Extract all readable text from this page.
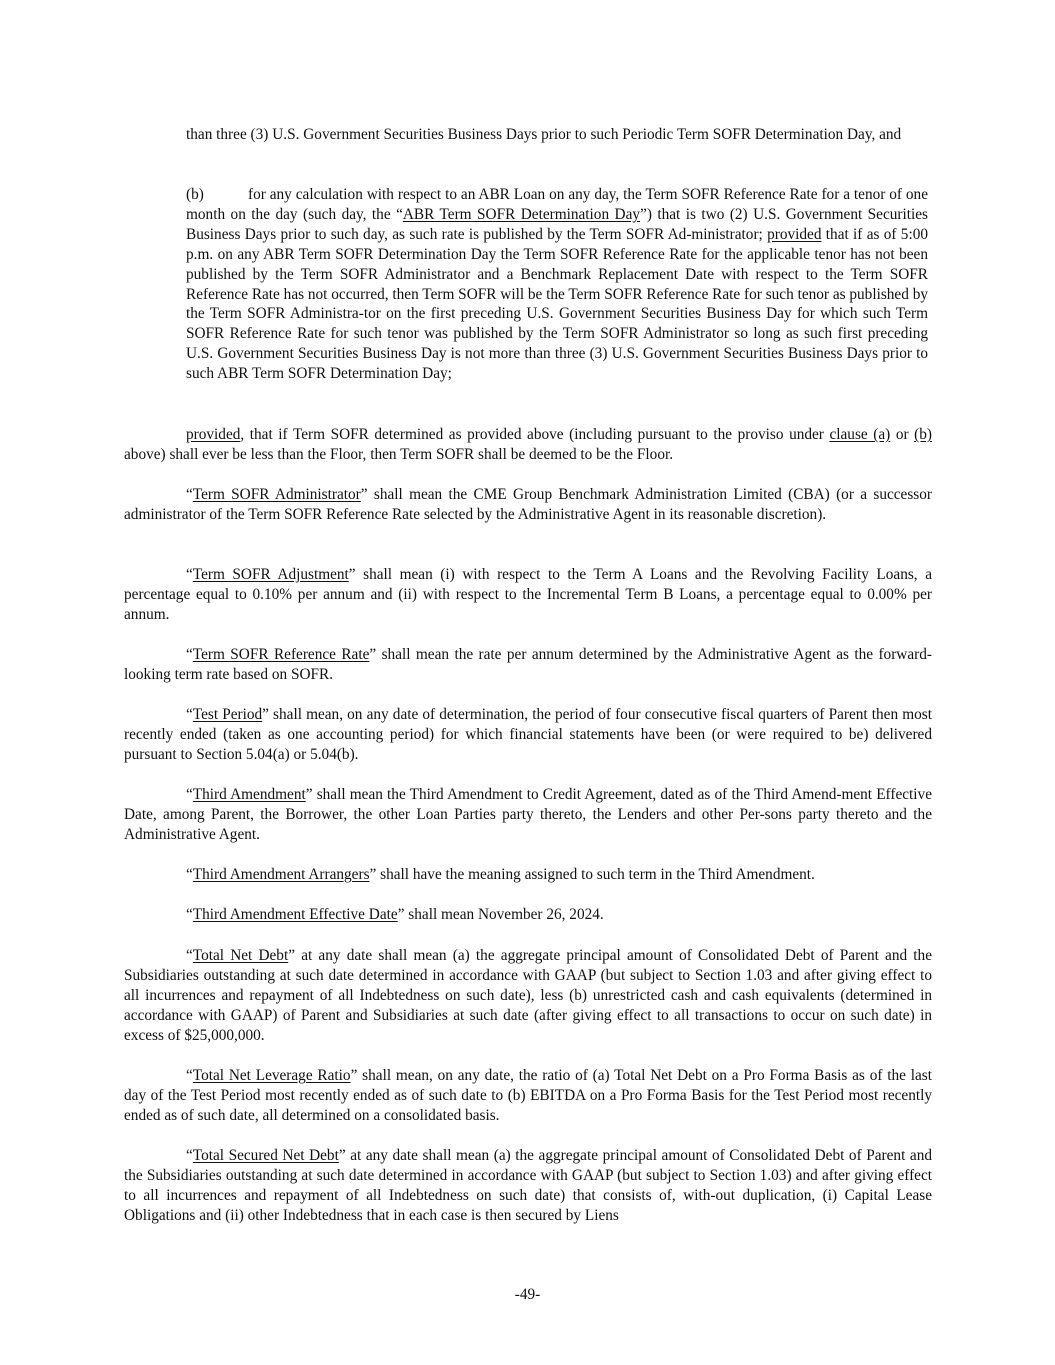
than three (3) U.S. Government Securities Business Days prior to such Periodic Term SOFR Determination Day, and

(b)	for any calculation with respect to an ABR Loan on any day, the Term SOFR Reference Rate for a tenor of one month on the day (such day, the “ABR Term SOFR Determination Day”) that is two (2) U.S. Government Securities Business Days prior to such day, as such rate is published by the Term SOFR Ad-ministrator; provided that if as of 5:00 p.m. on any ABR Term SOFR Determination Day the Term SOFR Reference Rate for the applicable tenor has not been published by the Term SOFR Administrator and a Benchmark Replacement Date with respect to the Term SOFR Reference Rate has not occurred, then Term SOFR will be the Term SOFR Reference Rate for such tenor as published by the Term SOFR Administra-tor on the first preceding U.S. Government Securities Business Day for which such Term SOFR Reference Rate for such tenor was published by the Term SOFR Administrator so long as such first preceding U.S. Government Securities Business Day is not more than three (3) U.S. Government Securities Business Days prior to such ABR Term SOFR Determination Day;

provided, that if Term SOFR determined as provided above (including pursuant to the proviso under clause (a) or (b) above) shall ever be less than the Floor, then Term SOFR shall be deemed to be the Floor.

“Term SOFR Administrator” shall mean the CME Group Benchmark Administration Limited (CBA) (or a successor administrator of the Term SOFR Reference Rate selected by the Administrative Agent in its reasonable discretion).

“Term SOFR Adjustment” shall mean (i) with respect to the Term A Loans and the Revolving Facility Loans, a percentage equal to 0.10% per annum and (ii) with respect to the Incremental Term B Loans, a percentage equal to 0.00% per annum.

“Term SOFR Reference Rate” shall mean the rate per annum determined by the Administrative Agent as the forward-looking term rate based on SOFR.

“Test Period” shall mean, on any date of determination, the period of four consecutive fiscal quarters of Parent then most recently ended (taken as one accounting period) for which financial statements have been (or were required to be) delivered pursuant to Section 5.04(a) or 5.04(b).

“Third Amendment” shall mean the Third Amendment to Credit Agreement, dated as of the Third Amend-ment Effective Date, among Parent, the Borrower, the other Loan Parties party thereto, the Lenders and other Per-sons party thereto and the Administrative Agent.

“Third Amendment Arrangers” shall have the meaning assigned to such term in the Third Amendment.

“Third Amendment Effective Date” shall mean November 26, 2024.

“Total Net Debt” at any date shall mean (a) the aggregate principal amount of Consolidated Debt of Parent and the Subsidiaries outstanding at such date determined in accordance with GAAP (but subject to Section 1.03 and after giving effect to all incurrences and repayment of all Indebtedness on such date), less (b) unrestricted cash and cash equivalents (determined in accordance with GAAP) of Parent and Subsidiaries at such date (after giving effect to all transactions to occur on such date) in excess of $25,000,000.

“Total Net Leverage Ratio” shall mean, on any date, the ratio of (a) Total Net Debt on a Pro Forma Basis as of the last day of the Test Period most recently ended as of such date to (b) EBITDA on a Pro Forma Basis for the Test Period most recently ended as of such date, all determined on a consolidated basis.

“Total Secured Net Debt” at any date shall mean (a) the aggregate principal amount of Consolidated Debt of Parent and the Subsidiaries outstanding at such date determined in accordance with GAAP (but subject to Section 1.03) and after giving effect to all incurrences and repayment of all Indebtedness on such date) that consists of, with-out duplication, (i) Capital Lease Obligations and (ii) other Indebtedness that in each case is then secured by Liens

-49-
